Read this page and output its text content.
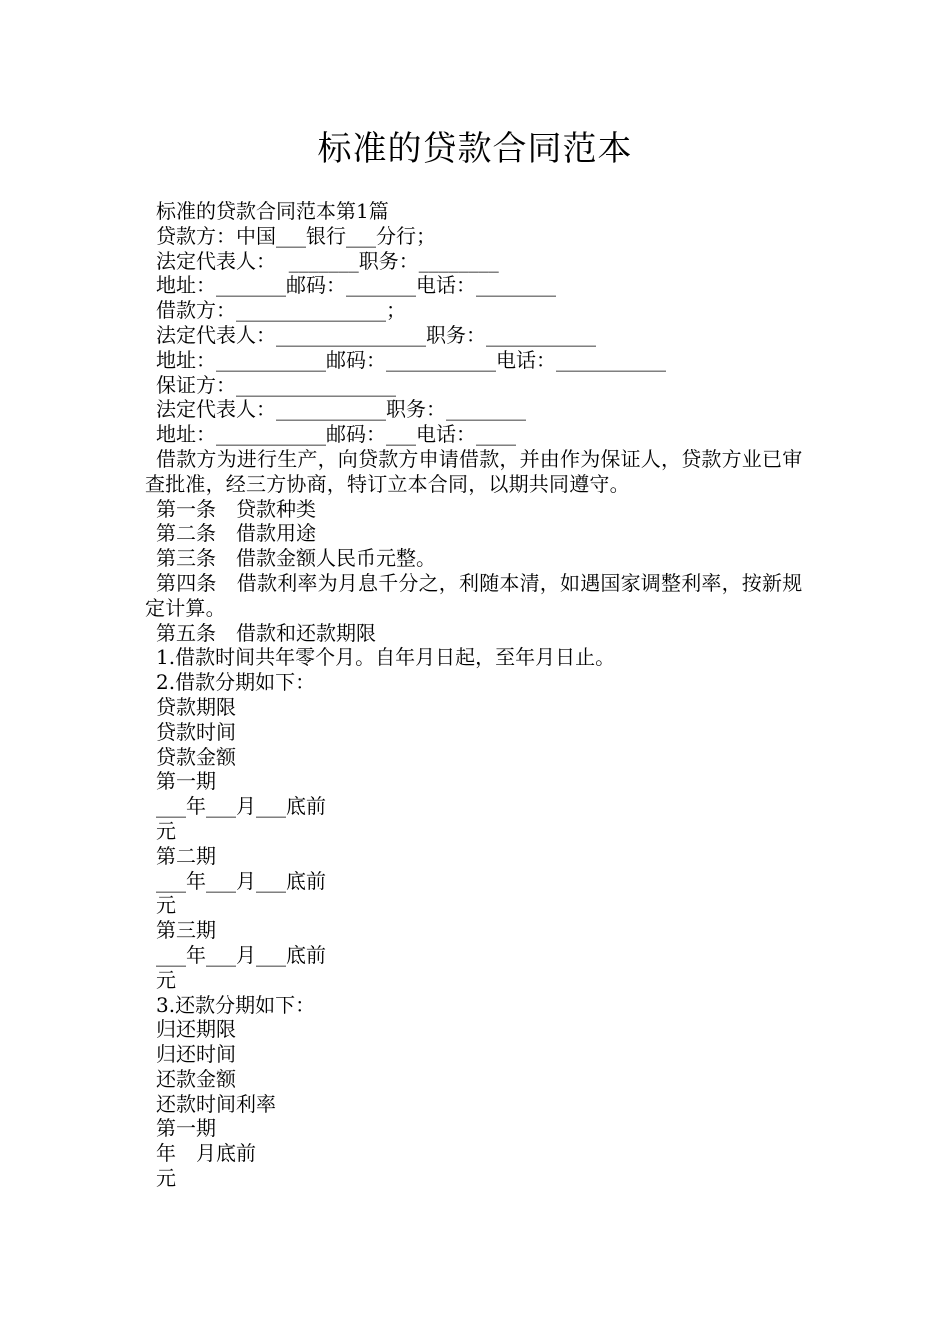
标准的贷款合同范本
标准的贷款合同范本第1篇
贷款方：中国___银行___分行；
法定代表人：  _______职务：________
地址：_______邮码：_______电话：________
借款方：_______________；
法定代表人：_______________职务：___________
地址：___________邮码：___________电话：___________
保证方：________________
法定代表人：___________职务：________
地址：___________邮码：___电话：____
借款方为进行生产，向贷款方申请借款，并由作为保证人，贷款方业已审查批准，经三方协商，特订立本合同，以期共同遵守。
第一条　贷款种类
第二条　借款用途
第三条　借款金额人民币元整。
第四条　借款利率为月息千分之，利随本清，如遇国家调整利率，按新规定计算。
第五条　借款和还款期限
1.借款时间共年零个月。自年月日起，至年月日止。
2.借款分期如下：
贷款期限
贷款时间
贷款金额
第一期
___年___月___底前
元
第二期
___年___月___底前
元
第三期
___年___月___底前
元
3.还款分期如下：
归还期限
归还时间
还款金额
还款时间利率
第一期
年　月底前
元
